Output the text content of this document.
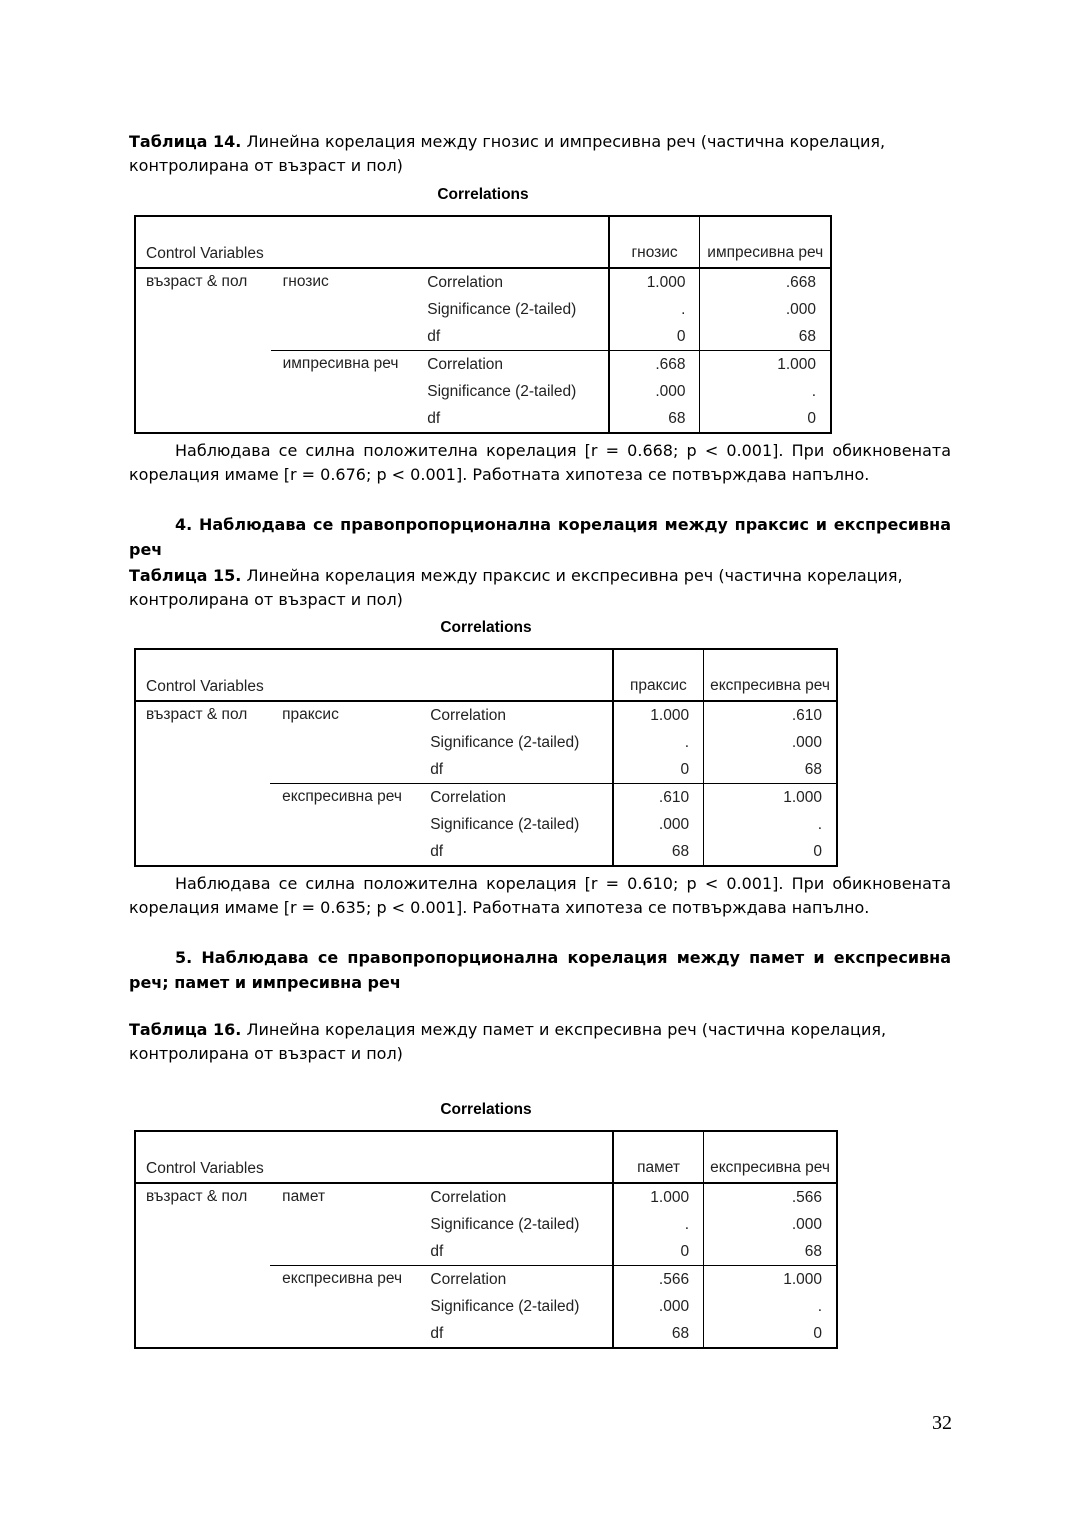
Таблица 14. Линейна корелация между гнозис и импресивна реч (частична корелация, контролирана от възраст и пол)

Correlations
Control Variables			гнозис	импресивна реч
възраст & пол	гнозис	Correlation	1.000	.668
		Significance (2-tailed)	.	.000
		df	0	68
	импресивна реч	Correlation	.668	1.000
		Significance (2-tailed)	.000	.
		df	68	0

Наблюдава се силна положителна корелация [r = 0.668; p < 0.001]. При обикновената корелация имаме [r = 0.676; p < 0.001]. Работната хипотеза се потвърждава напълно.

4. Наблюдава се правопропорционална корелация между праксис и експресивна реч

Таблица 15. Линейна корелация между праксис и експресивна реч (частична корелация, контролирана от възраст и пол)

Correlations
Control Variables			праксис	експресивна реч
възраст & пол	праксис	Correlation	1.000	.610
		Significance (2-tailed)	.	.000
		df	0	68
	експресивна реч	Correlation	.610	1.000
		Significance (2-tailed)	.000	.
		df	68	0

Наблюдава се силна положителна корелация [r = 0.610; p < 0.001]. При обикновената корелация имаме [r = 0.635; p < 0.001]. Работната хипотеза се потвърждава напълно.

5. Наблюдава се правопропорционална корелация между памет и експресивна реч; памет и импресивна реч

Таблица 16. Линейна корелация между памет и експресивна реч (частична корелация, контролирана от възраст и пол)

Correlations
Control Variables			памет	експресивна реч
възраст & пол	памет	Correlation	1.000	.566
		Significance (2-tailed)	.	.000
		df	0	68
	експресивна реч	Correlation	.566	1.000
		Significance (2-tailed)	.000	.
		df	68	0
32
